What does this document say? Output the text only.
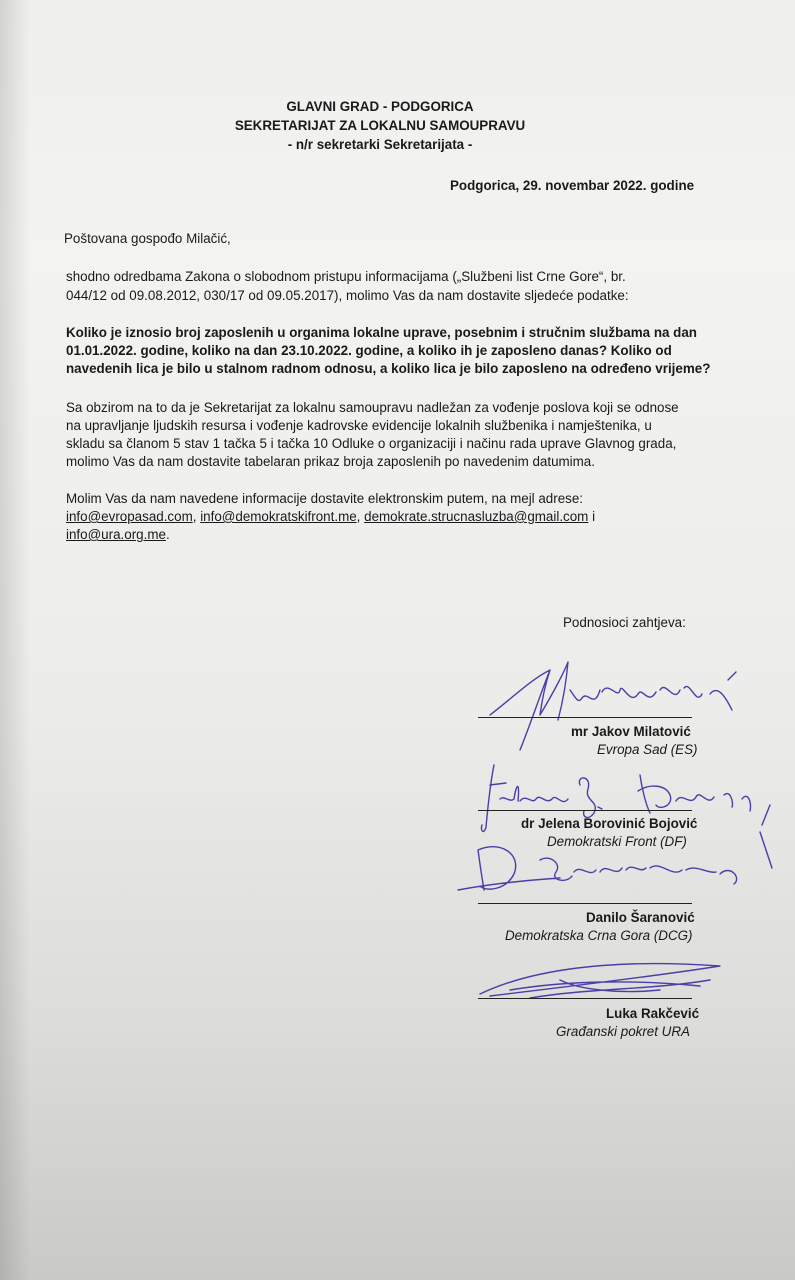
GLAVNI GRAD - PODGORICA
SEKRETARIJAT ZA LOKALNU SAMOUPRAVU
- n/r sekretarki Sekretarijata -
Podgorica, 29. novembar 2022. godine
Poštovana gospođo Milačić,
shodno odredbama Zakona o slobodnom pristupu informacijama („Službeni list Crne Gore“, br.
044/12 od 09.08.2012, 030/17 od 09.05.2017), molimo Vas da nam dostavite sljedeće podatke:
Koliko je iznosio broj zaposlenih u organima lokalne uprave, posebnim i stručnim službama na dan
01.01.2022. godine, koliko na dan 23.10.2022. godine, a koliko ih je zaposleno danas? Koliko od
navedenih lica je bilo u stalnom radnom odnosu, a koliko lica je bilo zaposleno na određeno vrijeme?
Sa obzirom na to da je Sekretarijat za lokalnu samoupravu nadležan za vođenje poslova koji se odnose
na upravljanje ljudskih resursa i vođenje kadrovske evidencije lokalnih službenika i namještenika, u
skladu sa članom 5 stav 1 tačka 5 i tačka 10 Odluke o organizaciji i načinu rada uprave Glavnog grada,
molimo Vas da nam dostavite tabelaran prikaz broja zaposlenih po navedenim datumima.
Molim Vas da nam navedene informacije dostavite elektronskim putem, na mejl adrese:
info@evropasad.com, info@demokratskifront.me, demokrate.strucnasluzba@gmail.com i
info@ura.org.me.
Podnosioci zahtjeva:
mr Jakov Milatović
Evropa Sad (ES)
dr Jelena Borovinić Bojović
Demokratski Front (DF)
Danilo Šaranović
Demokratska Crna Gora (DCG)
Luka Rakčević
Građanski pokret URA
